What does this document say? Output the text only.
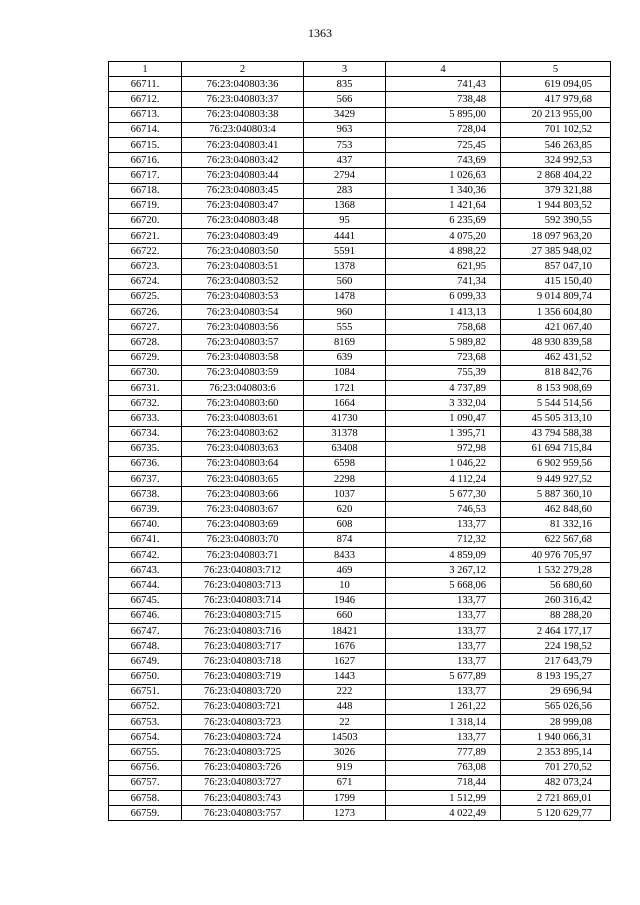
1363
1	2	3	4	5
66711.	76:23:040803:36	835	741,43	619 094,05
66712.	76:23:040803:37	566	738,48	417 979,68
66713.	76:23:040803:38	3429	5 895,00	20 213 955,00
66714.	76:23:040803:4	963	728,04	701 102,52
66715.	76:23:040803:41	753	725,45	546 263,85
66716.	76:23:040803:42	437	743,69	324 992,53
66717.	76:23:040803:44	2794	1 026,63	2 868 404,22
66718.	76:23:040803:45	283	1 340,36	379 321,88
66719.	76:23:040803:47	1368	1 421,64	1 944 803,52
66720.	76:23:040803:48	95	6 235,69	592 390,55
66721.	76:23:040803:49	4441	4 075,20	18 097 963,20
66722.	76:23:040803:50	5591	4 898,22	27 385 948,02
66723.	76:23:040803:51	1378	621,95	857 047,10
66724.	76:23:040803:52	560	741,34	415 150,40
66725.	76:23:040803:53	1478	6 099,33	9 014 809,74
66726.	76:23:040803:54	960	1 413,13	1 356 604,80
66727.	76:23:040803:56	555	758,68	421 067,40
66728.	76:23:040803:57	8169	5 989,82	48 930 839,58
66729.	76:23:040803:58	639	723,68	462 431,52
66730.	76:23:040803:59	1084	755,39	818 842,76
66731.	76:23:040803:6	1721	4 737,89	8 153 908,69
66732.	76:23:040803:60	1664	3 332,04	5 544 514,56
66733.	76:23:040803:61	41730	1 090,47	45 505 313,10
66734.	76:23:040803:62	31378	1 395,71	43 794 588,38
66735.	76:23:040803:63	63408	972,98	61 694 715,84
66736.	76:23:040803:64	6598	1 046,22	6 902 959,56
66737.	76:23:040803:65	2298	4 112,24	9 449 927,52
66738.	76:23:040803:66	1037	5 677,30	5 887 360,10
66739.	76:23:040803:67	620	746,53	462 848,60
66740.	76:23:040803:69	608	133,77	81 332,16
66741.	76:23:040803:70	874	712,32	622 567,68
66742.	76:23:040803:71	8433	4 859,09	40 976 705,97
66743.	76:23:040803:712	469	3 267,12	1 532 279,28
66744.	76:23:040803:713	10	5 668,06	56 680,60
66745.	76:23:040803:714	1946	133,77	260 316,42
66746.	76:23:040803:715	660	133,77	88 288,20
66747.	76:23:040803:716	18421	133,77	2 464 177,17
66748.	76:23:040803:717	1676	133,77	224 198,52
66749.	76:23:040803:718	1627	133,77	217 643,79
66750.	76:23:040803:719	1443	5 677,89	8 193 195,27
66751.	76:23:040803:720	222	133,77	29 696,94
66752.	76:23:040803:721	448	1 261,22	565 026,56
66753.	76:23:040803:723	22	1 318,14	28 999,08
66754.	76:23:040803:724	14503	133,77	1 940 066,31
66755.	76:23:040803:725	3026	777,89	2 353 895,14
66756.	76:23:040803:726	919	763,08	701 270,52
66757.	76:23:040803:727	671	718,44	482 073,24
66758.	76:23:040803:743	1799	1 512,99	2 721 869,01
66759.	76:23:040803:757	1273	4 022,49	5 120 629,77
